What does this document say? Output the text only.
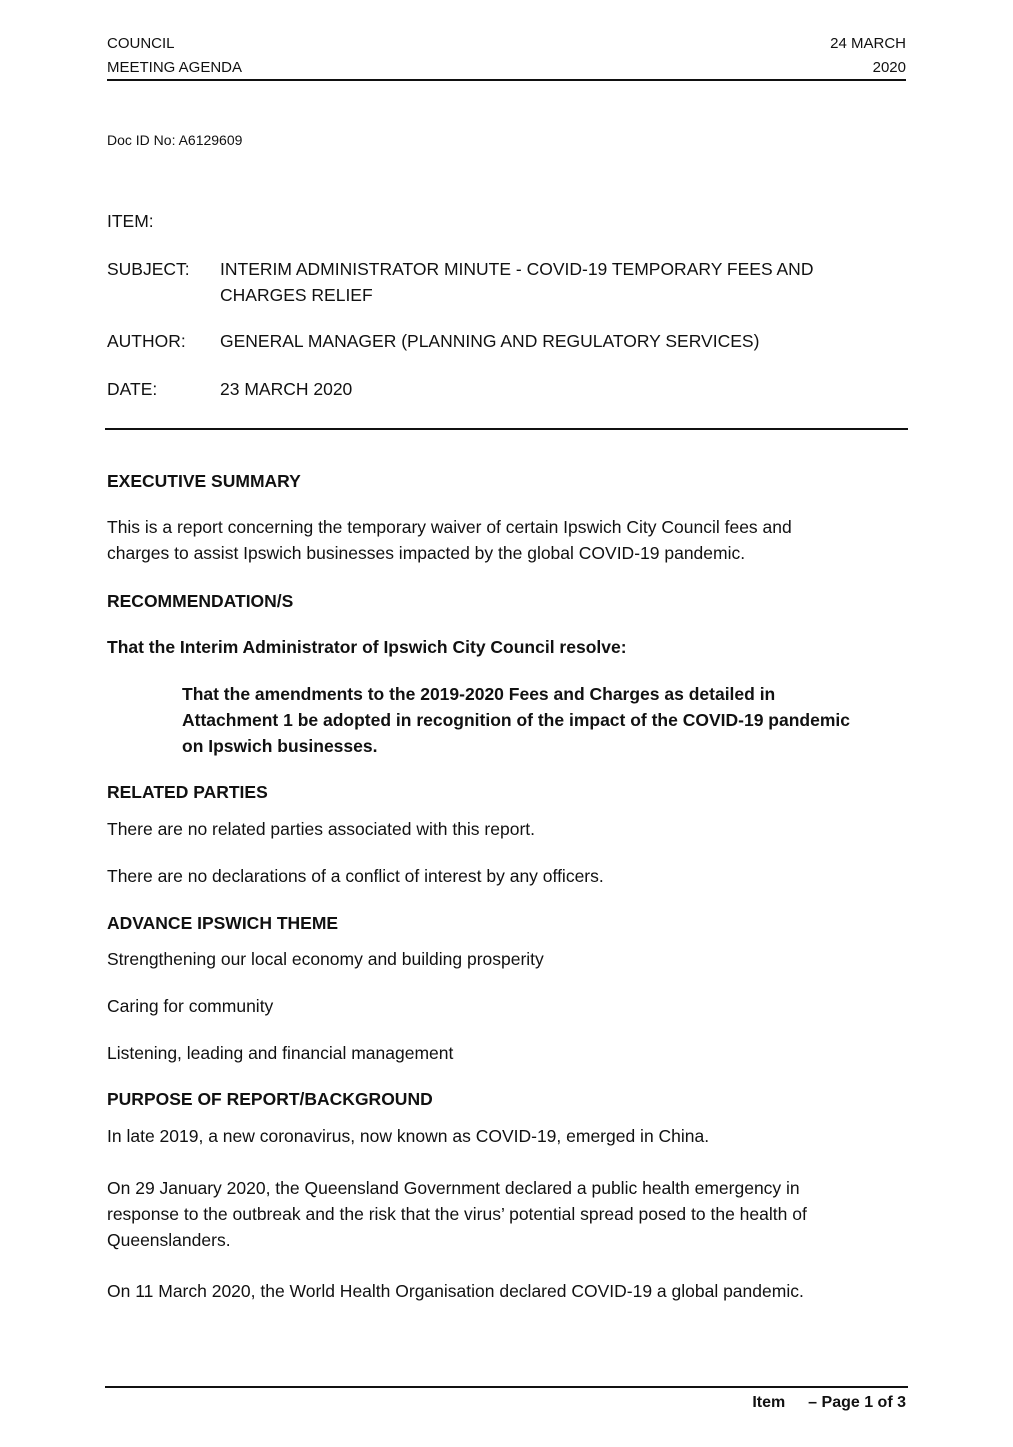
COUNCIL
MEETING AGENDA
24 MARCH
2020
Doc ID No: A6129609
ITEM:
SUBJECT: INTERIM ADMINISTRATOR MINUTE - COVID-19 TEMPORARY FEES AND
CHARGES RELIEF
AUTHOR: GENERAL MANAGER (PLANNING AND REGULATORY SERVICES)
DATE:	23 MARCH 2020
EXECUTIVE SUMMARY
This is a report concerning the temporary waiver of certain Ipswich City Council fees and
charges to assist Ipswich businesses impacted by the global COVID-19 pandemic.
RECOMMENDATION/S
That the Interim Administrator of Ipswich City Council resolve:
That the amendments to the 2019-2020 Fees and Charges as detailed in
Attachment 1 be adopted in recognition of the impact of the COVID-19 pandemic
on Ipswich businesses.
RELATED PARTIES
There are no related parties associated with this report.
There are no declarations of a conflict of interest by any officers.
ADVANCE IPSWICH THEME
Strengthening our local economy and building prosperity
Caring for community
Listening, leading and financial management
PURPOSE OF REPORT/BACKGROUND
In late 2019, a new coronavirus, now known as COVID-19, emerged in China.
On 29 January 2020, the Queensland Government declared a public health emergency in
response to the outbreak and the risk that the virus’ potential spread posed to the health of
Queenslanders.
On 11 March 2020, the World Health Organisation declared COVID-19 a global pandemic.
Item – Page 1 of 3
